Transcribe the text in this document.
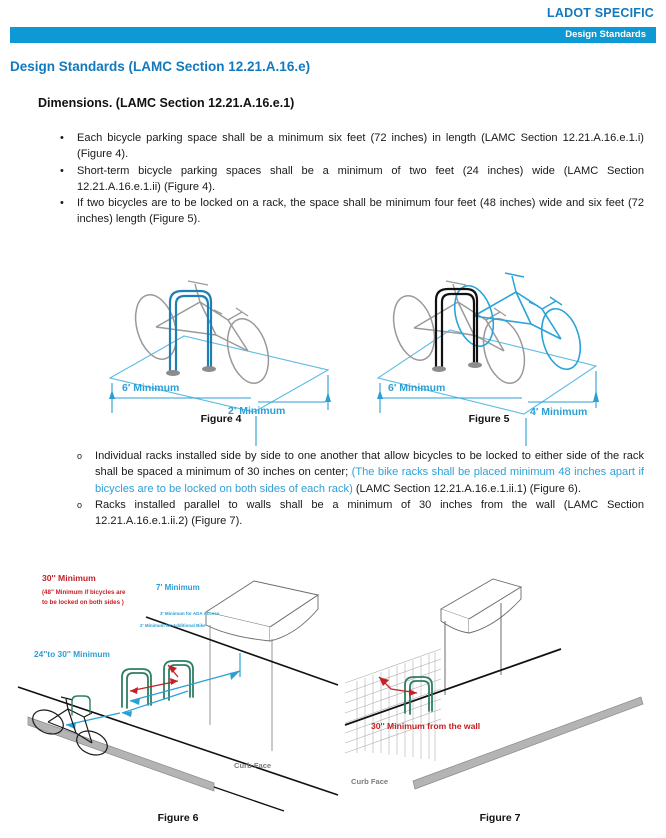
LADOT SPECIFIC
Design Standards
Design Standards (LAMC Section 12.21.A.16.e)
Dimensions. (LAMC Section 12.21.A.16.e.1)
• Each bicycle parking space shall be a minimum six feet (72 inches) in length (LAMC Section 12.21.A.16.e.1.i) (Figure 4).
• Short-term bicycle parking spaces shall be a minimum of two feet (24 inches) wide (LAMC Section 12.21.A.16.e.1.ii) (Figure 4).
• If two bicycles are to be locked on a rack, the space shall be minimum four feet (48 inches) wide and six feet (72 inches) length (Figure 5).
6' Minimum
2' Minimum
Figure 4
6' Minimum
4' Minimum
Figure 5
o Individual racks installed side by side to one another that allow bicycles to be locked to either side of the rack shall be spaced a minimum of 30 inches on center; (The bike racks shall be placed minimum 48 inches apart if bicycles are to be locked on both sides of each rack) (LAMC Section 12.21.A.16.e.1.ii.1) (Figure 6).
o Racks installed parallel to walls shall be a minimum of 30 inches from the wall (LAMC Section 12.21.A.16.e.1.ii.2) (Figure 7).
30'' Minimum
(48" Minimum if bicycles are
to be locked on both sides )
7' Minimum
3' Minimum for ADA Access
2' Minimum for Additional Bike
24''to 30'' Minimum
Curb Face
Figure 6
30'' Minimum from the wall
Curb Face
Figure 7
